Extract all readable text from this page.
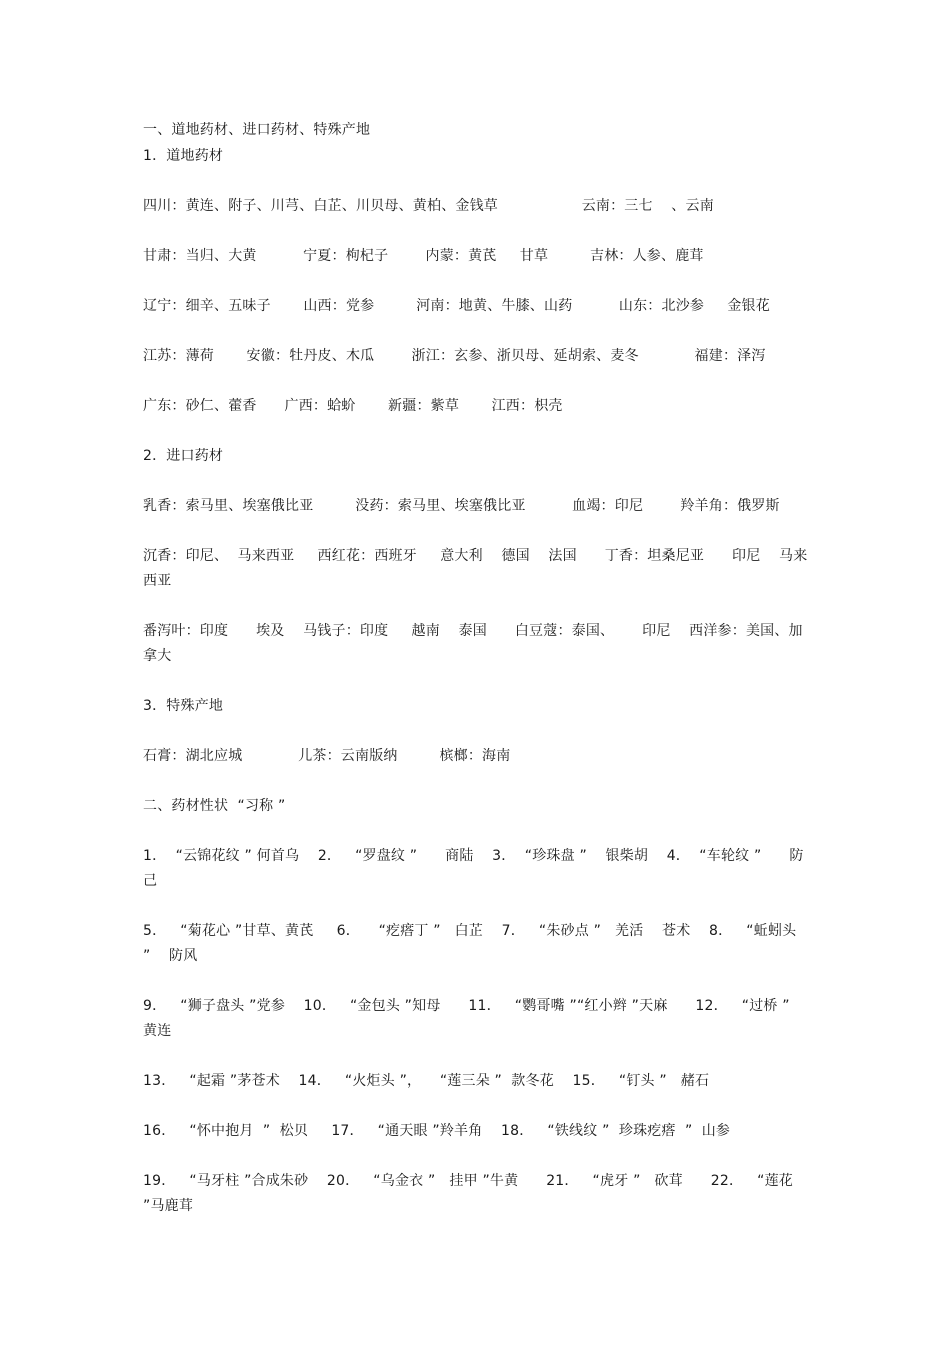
一、道地药材、进口药材、特殊产地
1．道地药材
四川：黄连、附子、川芎、白芷、川贝母、黄柏、金钱草                  云南：三七    、云南
甘肃：当归、大黄          宁夏：枸杞子        内蒙：黄芪     甘草         吉林：人参、鹿茸
辽宁：细辛、五味子       山西：党参         河南：地黄、牛膝、山药          山东：北沙参     金银花
江苏：薄荷       安徽：牡丹皮、木瓜        浙江：玄参、浙贝母、延胡索、麦冬            福建：泽泻
广东：砂仁、藿香      广西：蛤蚧       新疆：紫草       江西：枳壳
2．进口药材
乳香：索马里、埃塞俄比亚         没药：索马里、埃塞俄比亚          血竭：印尼        羚羊角：俄罗斯
沉香：印尼、  马来西亚     西红花：西班牙     意大利    德国    法国      丁香：坦桑尼亚      印尼    马来西亚
番泻叶：印度      埃及    马钱子：印度     越南    泰国      白豆蔻：泰国、      印尼    西洋参：美国、加拿大
3．特殊产地
石膏：湖北应城            儿茶：云南版纳         槟榔：海南
二、药材性状  “习称 ”
1．  “云锦花纹 ” 何首乌    2．   “罗盘纹 ”      商陆    3．  “珍珠盘 ”    银柴胡    4．  “车轮纹 ”      防己
5．   “菊花心 ”甘草、黄芪     6．    “疙瘩丁 ”   白芷    7．   “朱砂点 ”   羌活    苍术    8．   “蚯蚓头 ”    防风
9．   “狮子盘头 ”党参    10．   “金包头 ”知母      11．   “鹦哥嘴 ”“红小辫 ”天麻      12．   “过桥 ”   黄连
13．   “起霜 ”茅苍术    14．   “火炬头 ”，    “莲三朵 ”  款冬花    15．   “钉头 ”   赭石
16．   “怀中抱月  ”  松贝     17．   “通天眼 ”羚羊角    18．   “铁线纹 ”  珍珠疙瘩  ”  山参
19．   “马牙柱 ”合成朱砂    20．   “乌金衣 ”   挂甲 ”牛黄      21．   “虎牙 ”   砍茸      22．   “莲花 ”马鹿茸
